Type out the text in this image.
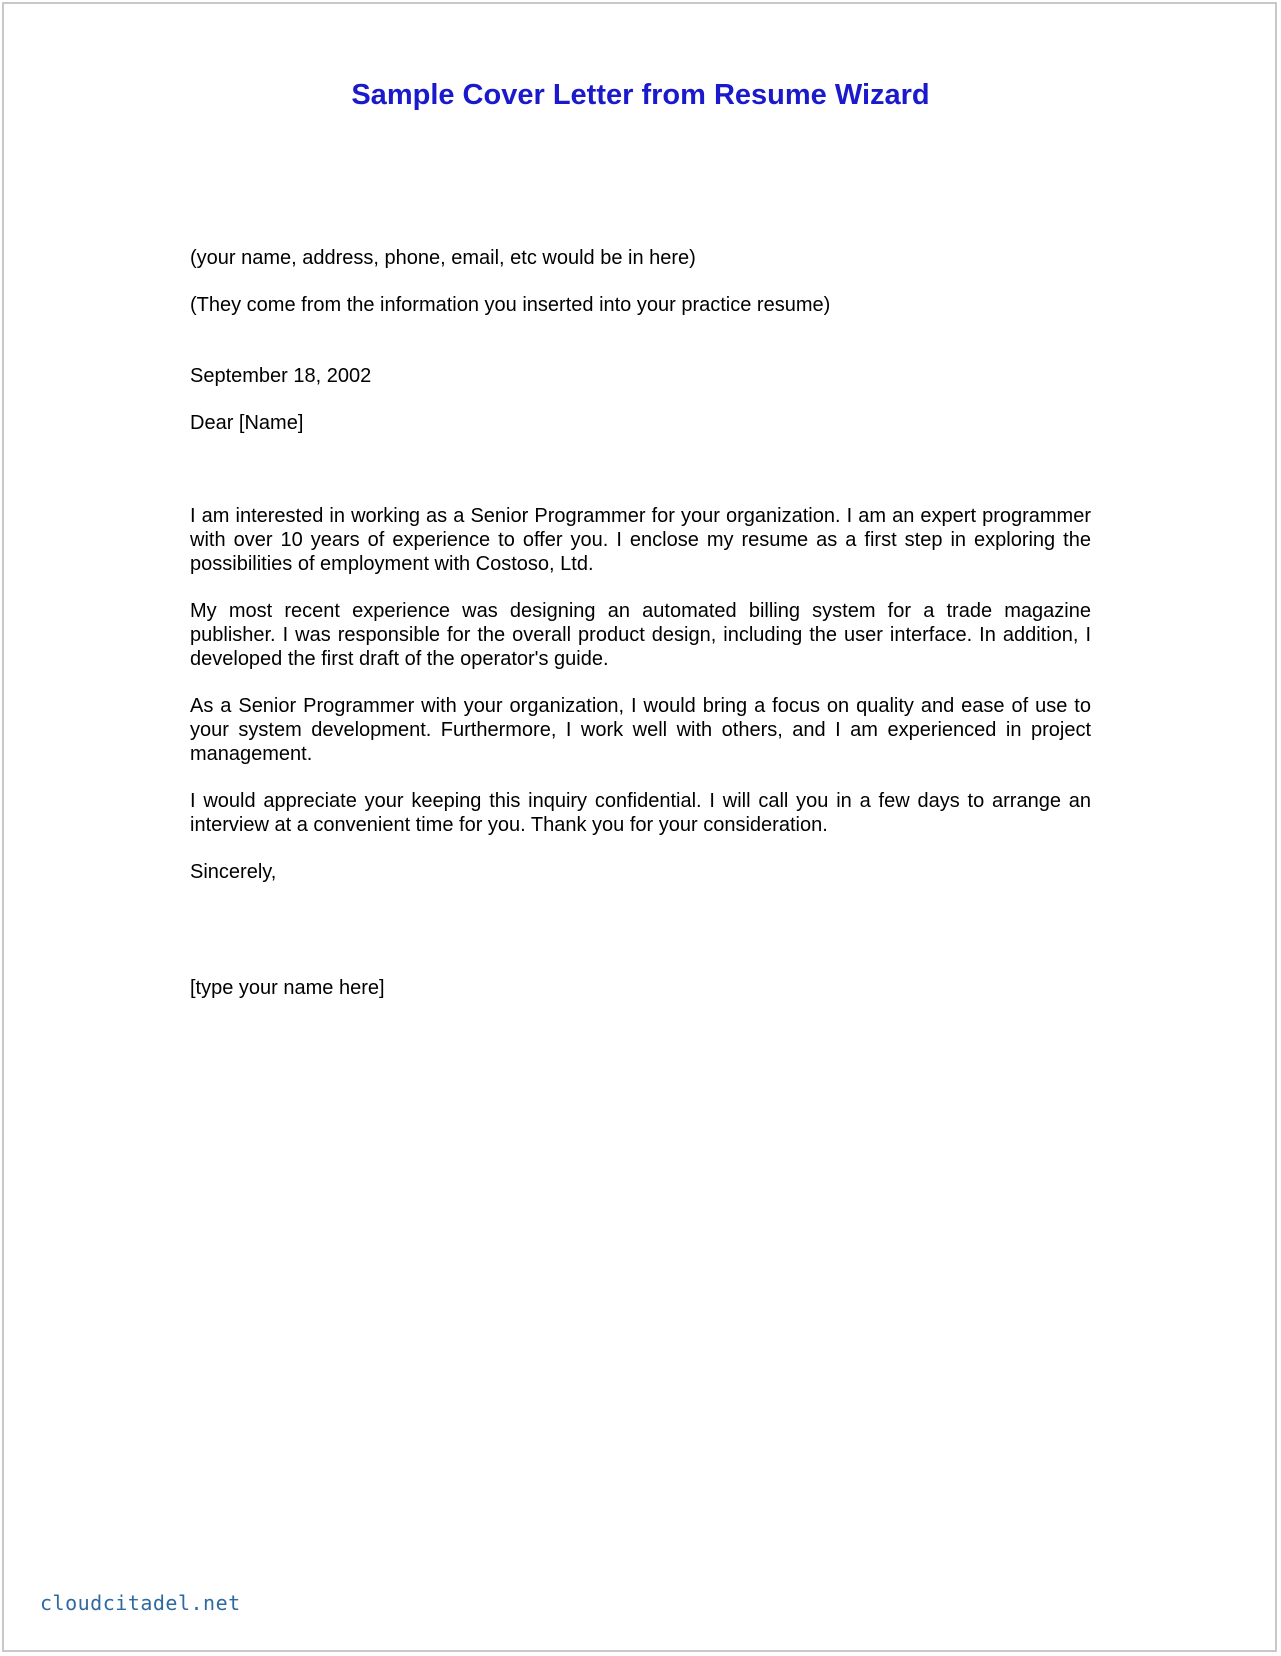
Sample Cover Letter from Resume Wizard
(your name, address, phone, email, etc would be in here)
(They come from the information you inserted into your practice resume)
September 18, 2002
Dear [Name]
I am interested in working as a Senior Programmer for your organization. I am an expert programmer with over 10 years of experience to offer you. I enclose my resume as a first step in exploring the possibilities of employment with Costoso, Ltd.
My most recent experience was designing an automated billing system for a trade magazine publisher. I was responsible for the overall product design, including the user interface. In addition, I developed the first draft of the operator's guide.
As a Senior Programmer with your organization, I would bring a focus on quality and ease of use to your system development. Furthermore, I work well with others, and I am experienced in project management.
I would appreciate your keeping this inquiry confidential. I will call you in a few days to arrange an interview at a convenient time for you. Thank you for your consideration.
Sincerely,
[type your name here]
cloudcitadel.net
